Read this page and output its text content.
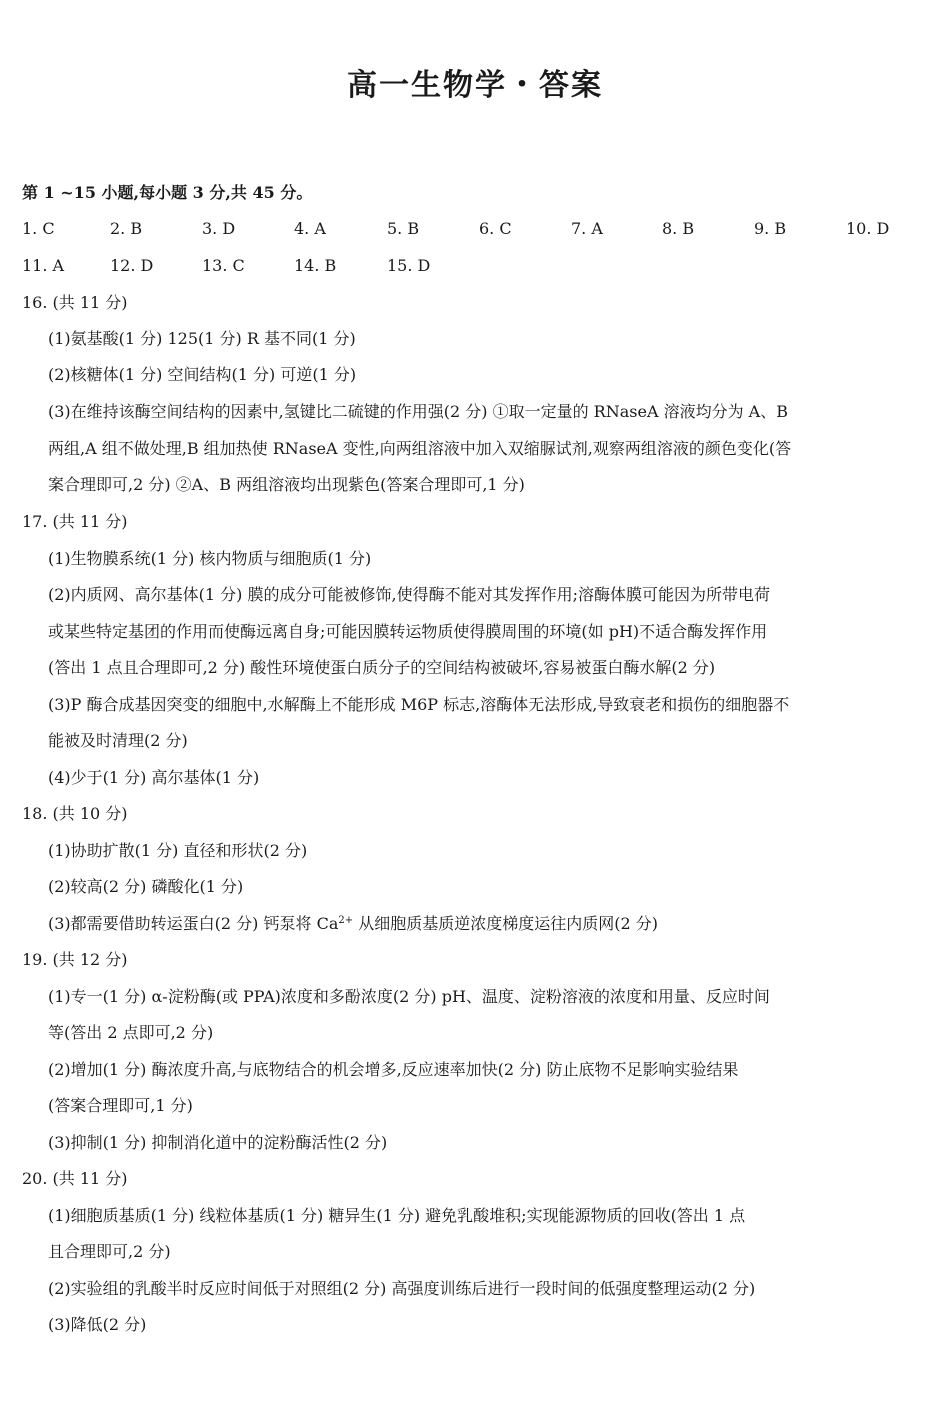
高一生物学・答案
第 1 ~15 小题,每小题 3 分,共 45 分。
1. C	2. B	3. D	4. A	5. B	6. C	7. A	8. B	9. B	10. D
11. A	12. D	13. C	14. B	15. D
16. (共 11 分)
(1)氨基酸(1 分) 125(1 分) R 基不同(1 分)
(2)核糖体(1 分) 空间结构(1 分) 可逆(1 分)
(3)在维持该酶空间结构的因素中,氢键比二硫键的作用强(2 分) ①取一定量的 RNaseA 溶液均分为 A、B
两组,A 组不做处理,B 组加热使 RNaseA 变性,向两组溶液中加入双缩脲试剂,观察两组溶液的颜色变化(答
案合理即可,2 分) ②A、B 两组溶液均出现紫色(答案合理即可,1 分)
17. (共 11 分)
(1)生物膜系统(1 分) 核内物质与细胞质(1 分)
(2)内质网、高尔基体(1 分) 膜的成分可能被修饰,使得酶不能对其发挥作用;溶酶体膜可能因为所带电荷
或某些特定基团的作用而使酶远离自身;可能因膜转运物质使得膜周围的环境(如 pH)不适合酶发挥作用
(答出 1 点且合理即可,2 分) 酸性环境使蛋白质分子的空间结构被破坏,容易被蛋白酶水解(2 分)
(3)P 酶合成基因突变的细胞中,水解酶上不能形成 M6P 标志,溶酶体无法形成,导致衰老和损伤的细胞器不
能被及时清理(2 分)
(4)少于(1 分) 高尔基体(1 分)
18. (共 10 分)
(1)协助扩散(1 分) 直径和形状(2 分)
(2)较高(2 分) 磷酸化(1 分)
(3)都需要借助转运蛋白(2 分) 钙泵将 $Ca^{2+}$ 从细胞质基质逆浓度梯度运往内质网(2 分)
19. (共 12 分)
(1)专一(1 分) α-淀粉酶(或 PPA)浓度和多酚浓度(2 分) pH、温度、淀粉溶液的浓度和用量、反应时间
等(答出 2 点即可,2 分)
(2)增加(1 分) 酶浓度升高,与底物结合的机会增多,反应速率加快(2 分) 防止底物不足影响实验结果
(答案合理即可,1 分)
(3)抑制(1 分) 抑制消化道中的淀粉酶活性(2 分)
20. (共 11 分)
(1)细胞质基质(1 分) 线粒体基质(1 分) 糖异生(1 分) 避免乳酸堆积;实现能源物质的回收(答出 1 点
且合理即可,2 分)
(2)实验组的乳酸半时反应时间低于对照组(2 分) 高强度训练后进行一段时间的低强度整理运动(2 分)
(3)降低(2 分)
